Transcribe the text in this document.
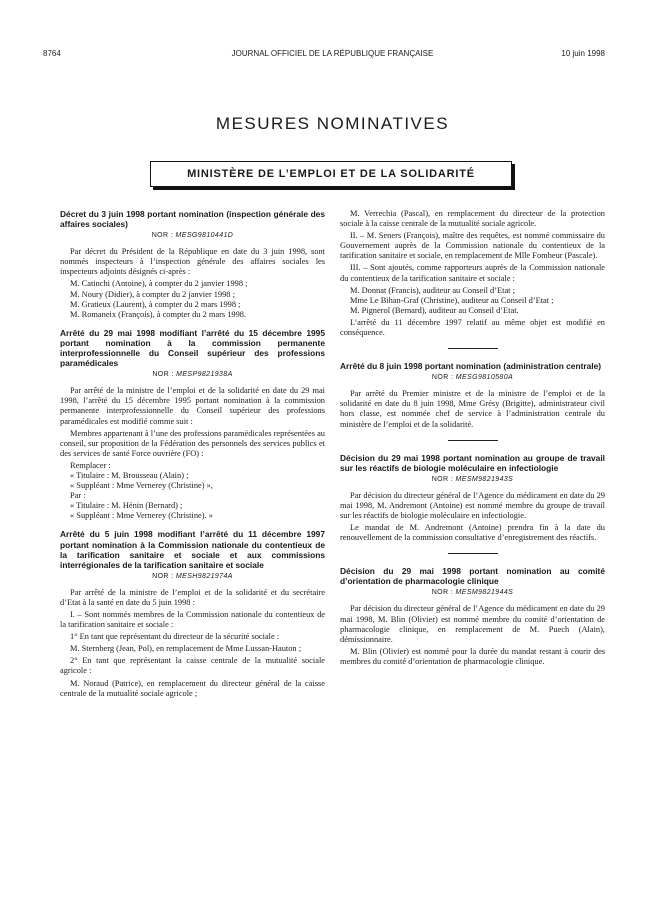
8764	JOURNAL OFFICIEL DE LA RÉPUBLIQUE FRANÇAISE	10 juin 1998
MESURES NOMINATIVES
MINISTÈRE DE L’EMPLOI ET DE LA SOLIDARITÉ

Décret du 3 juin 1998 portant nomination (inspection générale des affaires sociales)

NOR : MESG9810441D

Par décret du Président de la République en date du 3 juin 1998, sont nommés inspecteurs à l’inspection générale des affaires sociales les inspecteurs adjoints désignés ci-après :

M. Catinchi (Antoine), à compter du 2 janvier 1998 ;

M. Noury (Didier), à compter du 2 janvier 1998 ;

M. Gratieux (Laurent), à compter du 2 mars 1998 ;

M. Romaneix (François), à compter du 2 mars 1998.

Arrêté du 29 mai 1998 modifiant l’arrêté du 15 décembre 1995 portant nomination à la commission permanente interprofessionnelle du Conseil supérieur des professions paramédicales

NOR : MESP9821938A

Par arrêté de la ministre de l’emploi et de la solidarité en date du 29 mai 1998, l’arrêté du 15 décembre 1995 portant nomination à la commission permanente interprofessionnelle du Conseil supérieur des professions paramédicales est modifié comme suit :

Membres appartenant à l’une des professions paramédicales représentées au conseil, sur proposition de la Fédération des personnels des services publics et des services de santé Force ouvrière (FO) :

Remplacer :

« Titulaire : M. Brousseau (Alain) ;

« Suppléant : Mme Vernerey (Christine) »,

Par :

« Titulaire : M. Hénin (Bernard) ;

« Suppléant : Mme Vernerey (Christine). »

Arrêté du 5 juin 1998 modifiant l’arrêté du 11 décembre 1997 portant nomination à la Commission nationale du contentieux de la tarification sanitaire et sociale et aux commissions interrégionales de la tarification sanitaire et sociale

NOR : MESH9821974A

Par arrêté de la ministre de l’emploi et de la solidarité et du secrétaire d’Etat à la santé en date du 5 juin 1998 :

I. – Sont nommés membres de la Commission nationale du contentieux de la tarification sanitaire et sociale :

1° En tant que représentant du directeur de la sécurité sociale :

M. Sternberg (Jean, Pol), en remplacement de Mme Lussan-Hauton ;

2° En tant que représentant la caisse centrale de la mutualité sociale agricole :

M. Noraud (Patrice), en remplacement du directeur général de la caisse centrale de la mutualité sociale agricole ;

M. Verrechia (Pascal), en remplacement du directeur de la protection sociale à la caisse centrale de la mutualité sociale agricole.

II. – M. Seners (François), maître des requêtes, est nommé commissaire du Gouvernement auprès de la Commission nationale du contentieux de la tarification sanitaire et sociale, en remplacement de Mlle Fombeur (Pascale).

III. – Sont ajoutés, comme rapporteurs auprès de la Commission nationale du contentieux de la tarification sanitaire et sociale :

M. Donnat (Francis), auditeur au Conseil d’Etat ;

Mme Le Bihan-Graf (Christine), auditeur au Conseil d’Etat ;

M. Pignerol (Bernard), auditeur au Conseil d’Etat.

L’arrêté du 11 décembre 1997 relatif au même objet est modifié en conséquence.

Arrêté du 8 juin 1998 portant nomination (administration centrale)

NOR : MESG9810580A

Par arrêté du Premier ministre et de la ministre de l’emploi et de la solidarité en date du 8 juin 1998, Mme Grésy (Brigitte), administrateur civil hors classe, est nommée chef de service à l’administration centrale du ministère de l’emploi et de la solidarité.

Décision du 29 mai 1998 portant nomination au groupe de travail sur les réactifs de biologie moléculaire en infectiologie

NOR : MESM9821943S

Par décision du directeur général de l’Agence du médicament en date du 29 mai 1998, M. Andremont (Antoine) est nommé membre du groupe de travail sur les réactifs de biologie moléculaire en infectiologie.

Le mandat de M. Andremont (Antoine) prendra fin à la date du renouvellement de la commission consultative d’enregistrement des réactifs.

Décision du 29 mai 1998 portant nomination au comité d’orientation de pharmacologie clinique

NOR : MESM9821944S

Par décision du directeur général de l’Agence du médicament en date du 29 mai 1998, M. Blin (Olivier) est nommé membre du comité d’orientation de pharmacologie clinique, en remplacement de M. Puech (Alain), démissionnaire.

M. Blin (Olivier) est nommé pour la durée du mandat restant à courir des membres du comité d’orientation de pharmacologie clinique.
